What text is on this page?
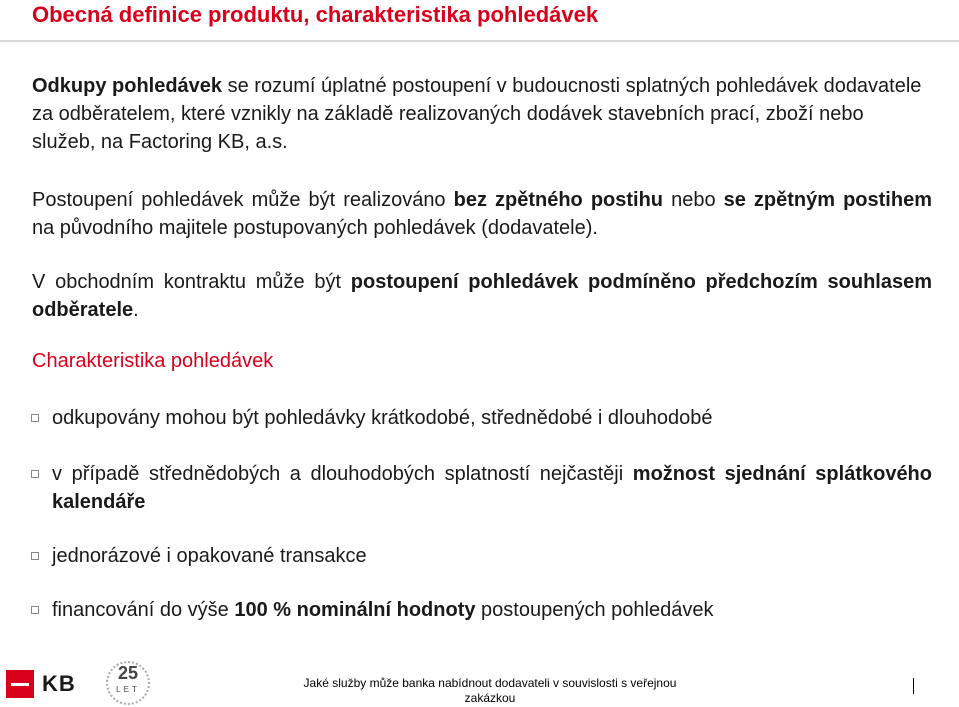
Obecná definice produktu, charakteristika pohledávek
Odkupy pohledávek se rozumí úplatné postoupení v budoucnosti splatných pohledávek dodavatele za odběratelem, které vznikly na základě realizovaných dodávek stavebních prací, zboží nebo služeb, na Factoring KB, a.s.
Postoupení pohledávek může být realizováno bez zpětného postihu nebo se zpětným postihem na původního majitele postupovaných pohledávek (dodavatele).
V obchodním kontraktu může být postoupení pohledávek podmíněno předchozím souhlasem odběratele.
Charakteristika pohledávek
odkupovány mohou být pohledávky krátkodobé, střednědobé i dlouhodobé
v případě střednědobých a dlouhodobých splatností nejčastěji možnost sjednání splátkového kalendáře
jednorázové i opakované transakce
financování do výše 100 % nominální hodnoty postoupených pohledávek
KB	25
LET	Jaké služby může banka nabídnout dodavateli v souvislosti s veřejnou zakázkou
